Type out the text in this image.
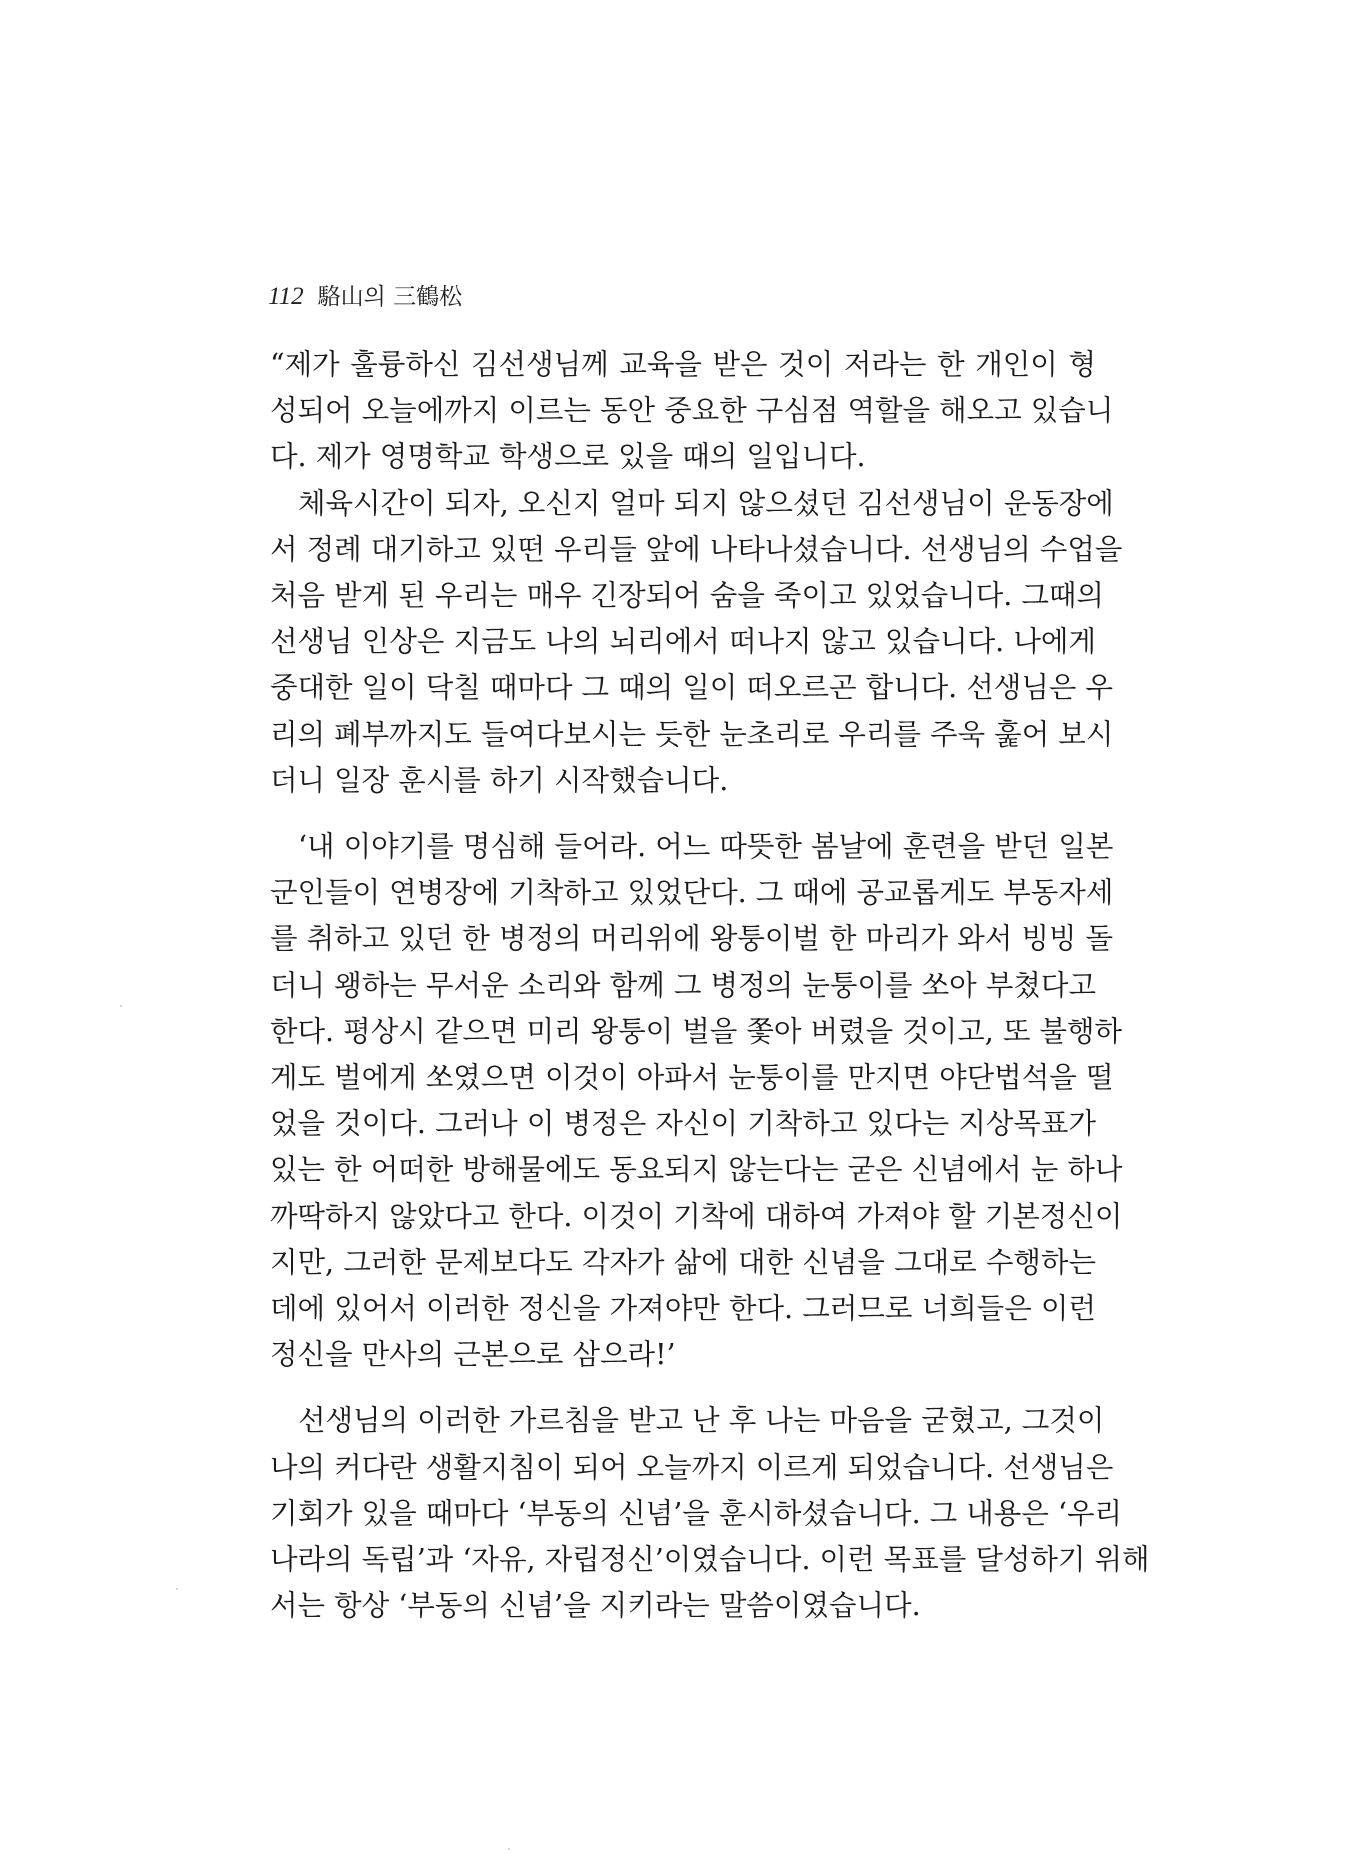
112 駱山의 三鶴松

“제가 훌륭하신 김선생님께 교육을 받은 것이 저라는 한 개인이 형
성되어 오늘에까지 이르는 동안 중요한 구심점 역할을 해오고 있습니
다. 제가 영명학교 학생으로 있을 때의 일입니다.

체육시간이 되자, 오신지 얼마 되지 않으셨던 김선생님이 운동장에
서 정례 대기하고 있떤 우리들 앞에 나타나셨습니다. 선생님의 수업을
처음 받게 된 우리는 매우 긴장되어 숨을 죽이고 있었습니다. 그때의
선생님 인상은 지금도 나의 뇌리에서 떠나지 않고 있습니다. 나에게
중대한 일이 닥칠 때마다 그 때의 일이 떠오르곤 합니다. 선생님은 우
리의 폐부까지도 들여다보시는 듯한 눈초리로 우리를 주욱 훑어 보시
더니 일장 훈시를 하기 시작했습니다.

‘내 이야기를 명심해 들어라. 어느 따뜻한 봄날에 훈련을 받던 일본
군인들이 연병장에 기착하고 있었단다. 그 때에 공교롭게도 부동자세
를 취하고 있던 한 병정의 머리위에 왕퉁이벌 한 마리가 와서 빙빙 돌
더니 왱하는 무서운 소리와 함께 그 병정의 눈퉁이를 쏘아 부쳤다고
한다. 평상시 같으면 미리 왕퉁이 벌을 쫓아 버렸을 것이고, 또 불행하
게도 벌에게 쏘였으면 이것이 아파서 눈퉁이를 만지면 야단법석을 떨
었을 것이다. 그러나 이 병정은 자신이 기착하고 있다는 지상목표가
있는 한 어떠한 방해물에도 동요되지 않는다는 굳은 신념에서 눈 하나
까딱하지 않았다고 한다. 이것이 기착에 대하여 가져야 할 기본정신이
지만, 그러한 문제보다도 각자가 삶에 대한 신념을 그대로 수행하는
데에 있어서 이러한 정신을 가져야만 한다. 그러므로 너희들은 이런
정신을 만사의 근본으로 삼으라!’

선생님의 이러한 가르침을 받고 난 후 나는 마음을 굳혔고, 그것이
나의 커다란 생활지침이 되어 오늘까지 이르게 되었습니다. 선생님은
기회가 있을 때마다 ‘부동의 신념’을 훈시하셨습니다. 그 내용은 ‘우리
나라의 독립’과 ‘자유, 자립정신’이였습니다. 이런 목표를 달성하기 위해
서는 항상 ‘부동의 신념’을 지키라는 말씀이였습니다.
